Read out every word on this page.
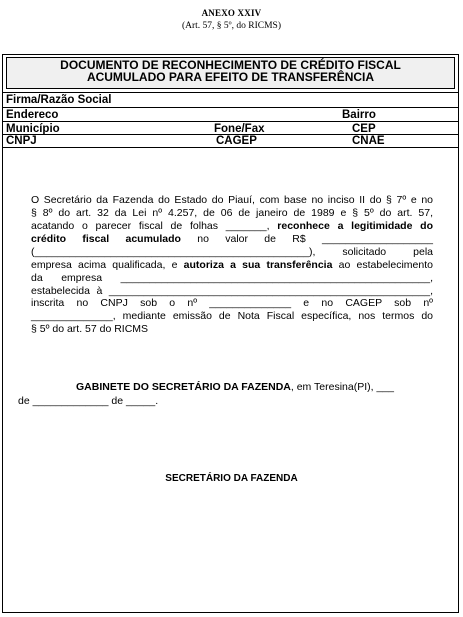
ANEXO XXIV
(Art. 57, § 5º, do RICMS)
DOCUMENTO DE RECONHECIMENTO DE CRÉDITO FISCAL
ACUMULADO PARA EFEITO DE TRANSFERÊNCIA
Firma/Razão Social
Endereco	Bairro
Município	Fone/Fax	CEP
CNPJ	CAGEP	CNAE
O Secretário da Fazenda do Estado do Piauí, com base no inciso II do § 7º e no
§ 8º do art. 32 da Lei nº 4.257, de 06 de janeiro de 1989 e § 5º do art. 57,
acatando o parecer fiscal de folhas _______, reconhece a legitimidade do
crédito fiscal acumulado no valor de R$ ___________________
(_______________________________________________), solicitado pela
empresa acima qualificada, e autoriza a sua transferência ao estabelecimento
da empresa _____________________________________________________,
estabelecida à _______________________________________________________,
inscrita no CNPJ sob o nº ______________ e no CAGEP sob nº
______________, mediante emissão de Nota Fiscal específica, nos termos do
§ 5º do art. 57 do RICMS
GABINETE DO SECRETÁRIO DA FAZENDA, em Teresina(PI), ___
de _____________ de _____.
SECRETÁRIO DA FAZENDA
